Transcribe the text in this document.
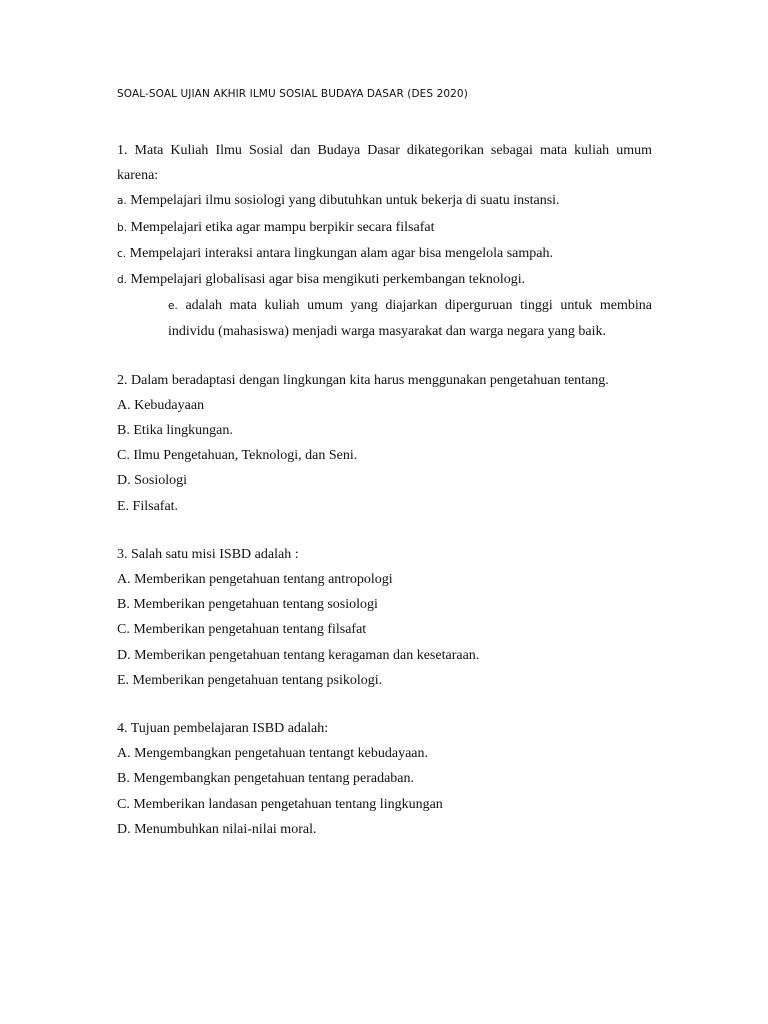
SOAL-SOAL UJIAN AKHIR ILMU SOSIAL BUDAYA DASAR (DES 2020)

1. Mata Kuliah Ilmu Sosial dan Budaya Dasar dikategorikan sebagai mata kuliah umum karena:

a. Mempelajari ilmu sosiologi yang dibutuhkan untuk bekerja di suatu instansi.

b. Mempelajari etika agar mampu berpikir secara filsafat

c. Mempelajari interaksi antara lingkungan alam agar bisa mengelola sampah.

d. Mempelajari globalisasi agar bisa mengikuti perkembangan teknologi.

e. adalah mata kuliah umum yang diajarkan diperguruan tinggi untuk membina individu (mahasiswa) menjadi warga masyarakat dan warga negara yang baik.

2. Dalam beradaptasi dengan lingkungan kita harus menggunakan pengetahuan tentang.

A. Kebudayaan

B. Etika lingkungan.

C. Ilmu Pengetahuan, Teknologi, dan Seni.

D. Sosiologi

E. Filsafat.

3. Salah satu misi ISBD adalah :

A. Memberikan pengetahuan tentang antropologi

B. Memberikan pengetahuan tentang sosiologi

C. Memberikan pengetahuan tentang filsafat

D. Memberikan pengetahuan tentang keragaman dan kesetaraan.

E. Memberikan pengetahuan tentang psikologi.

4. Tujuan pembelajaran ISBD adalah:

A. Mengembangkan pengetahuan tentangt kebudayaan.

B. Mengembangkan pengetahuan tentang peradaban.

C. Memberikan landasan pengetahuan tentang lingkungan

D. Menumbuhkan nilai-nilai moral.
